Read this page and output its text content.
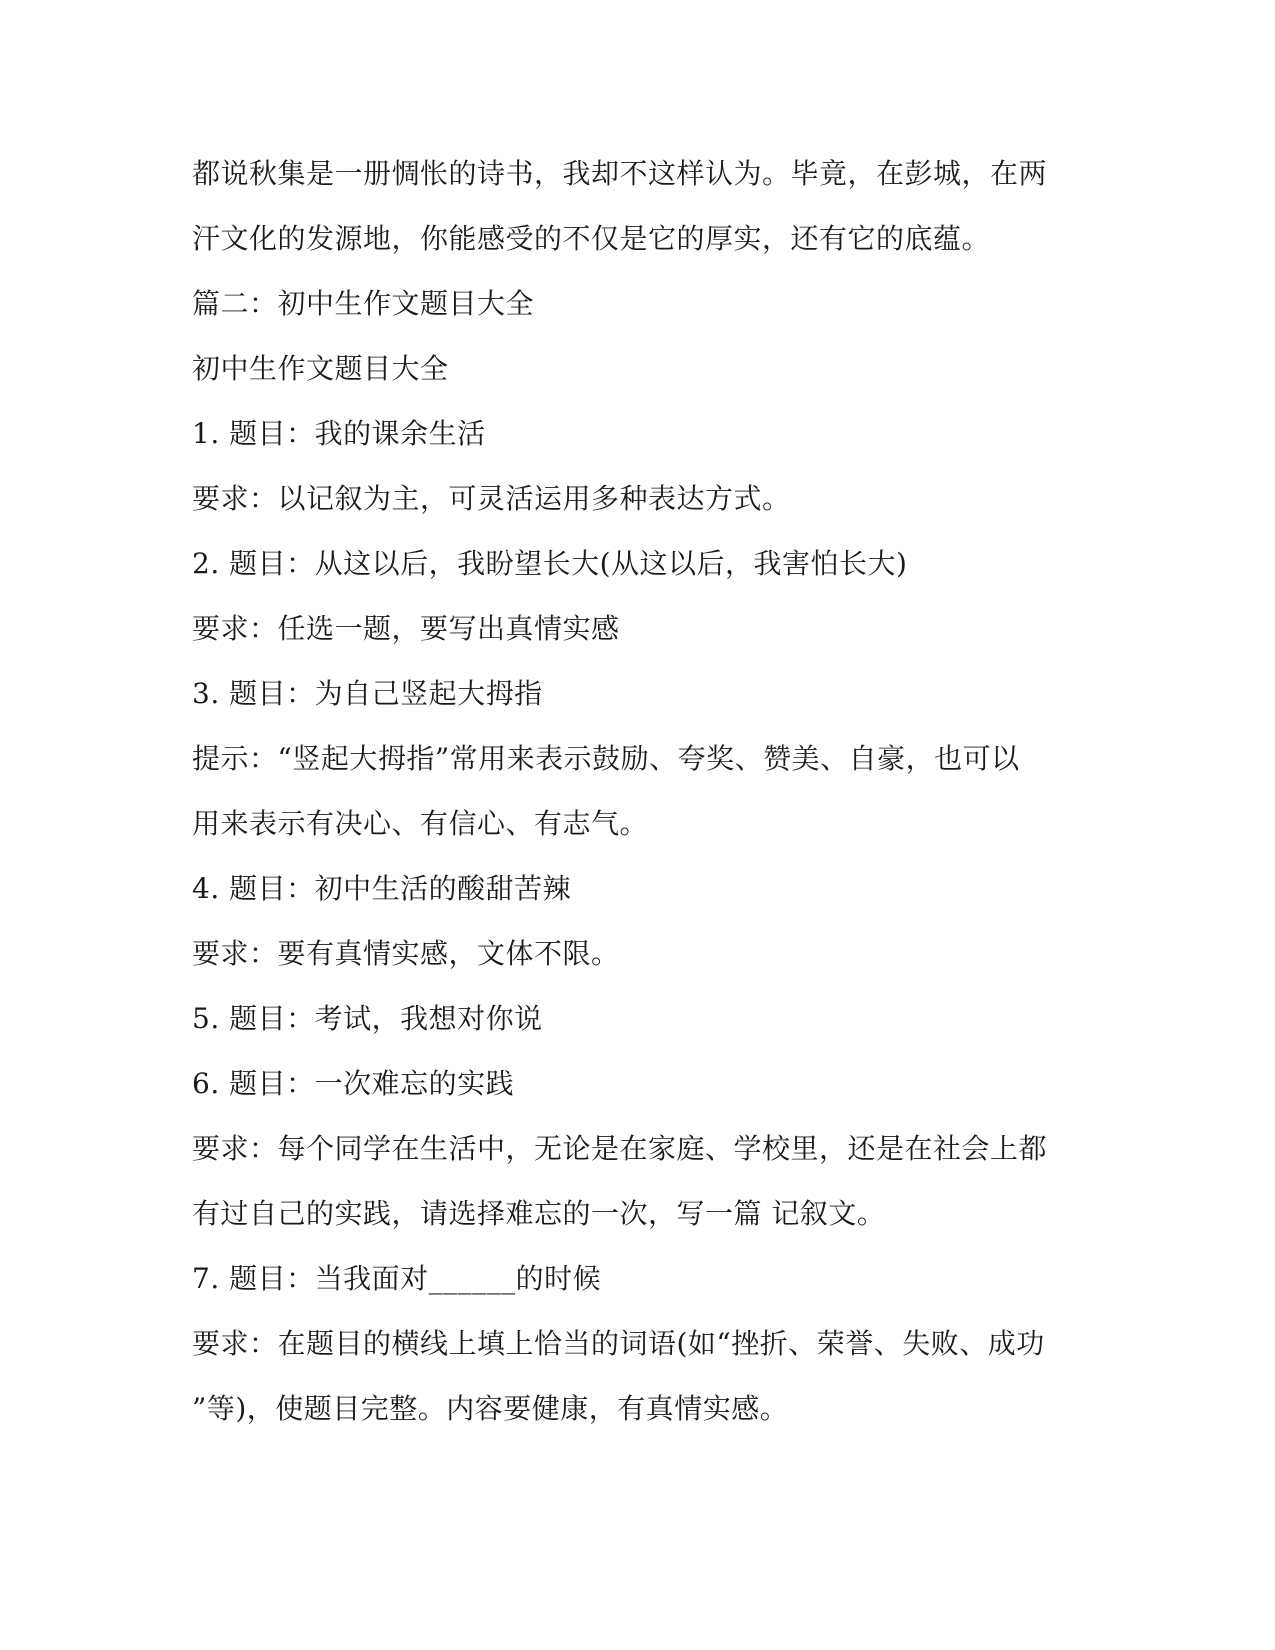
都说秋集是一册惆怅的诗书，我却不这样认为。毕竟，在彭城，在两
汗文化的发源地，你能感受的不仅是它的厚实，还有它的底蕴。
篇二：初中生作文题目大全
初中生作文题目大全
1. 题目：我的课余生活
要求：以记叙为主，可灵活运用多种表达方式。
2. 题目：从这以后，我盼望长大(从这以后，我害怕长大)
要求：任选一题，要写出真情实感
3. 题目：为自己竖起大拇指
提示：“竖起大拇指”常用来表示鼓励、夸奖、赞美、自豪，也可以
用来表示有决心、有信心、有志气。
4. 题目：初中生活的酸甜苦辣
要求：要有真情实感，文体不限。
5. 题目：考试，我想对你说
6. 题目：一次难忘的实践
要求：每个同学在生活中，无论是在家庭、学校里，还是在社会上都
有过自己的实践，请选择难忘的一次，写一篇 记叙文。
7. 题目：当我面对______的时候
要求：在题目的横线上填上恰当的词语(如“挫折、荣誉、失败、成功
”等)，使题目完整。内容要健康，有真情实感。
